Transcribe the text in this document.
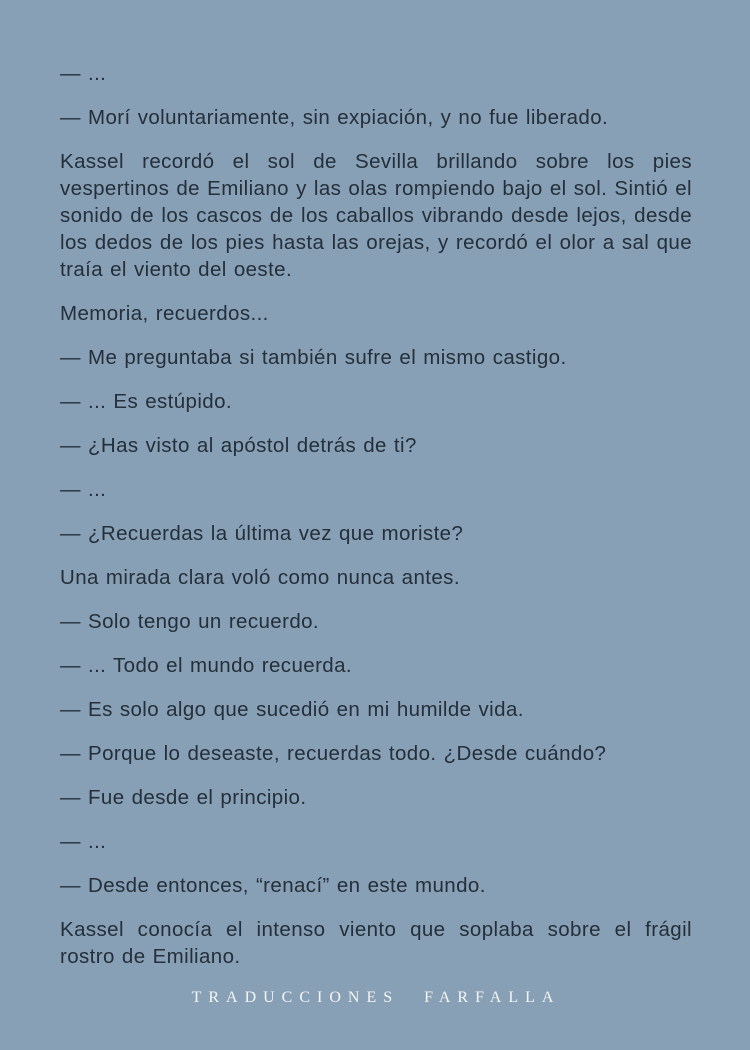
— ...

— Morí voluntariamente, sin expiación, y no fue liberado.

Kassel recordó el sol de Sevilla brillando sobre los pies vespertinos de Emiliano y las olas rompiendo bajo el sol. Sintió el sonido de los cascos de los caballos vibrando desde lejos, desde los dedos de los pies hasta las orejas, y recordó el olor a sal que traía el viento del oeste.

Memoria, recuerdos...

— Me preguntaba si también sufre el mismo castigo.

— ... Es estúpido.

— ¿Has visto al apóstol detrás de ti?

— ...

— ¿Recuerdas la última vez que moriste?

Una mirada clara voló como nunca antes.

— Solo tengo un recuerdo.

— ... Todo el mundo recuerda.

— Es solo algo que sucedió en mi humilde vida.

— Porque lo deseaste, recuerdas todo. ¿Desde cuándo?

— Fue desde el principio.

— ...

— Desde entonces, “renací” en este mundo.

Kassel conocía el intenso viento que soplaba sobre el frágil rostro de Emiliano.

TRADUCCIONES FARFALLA
